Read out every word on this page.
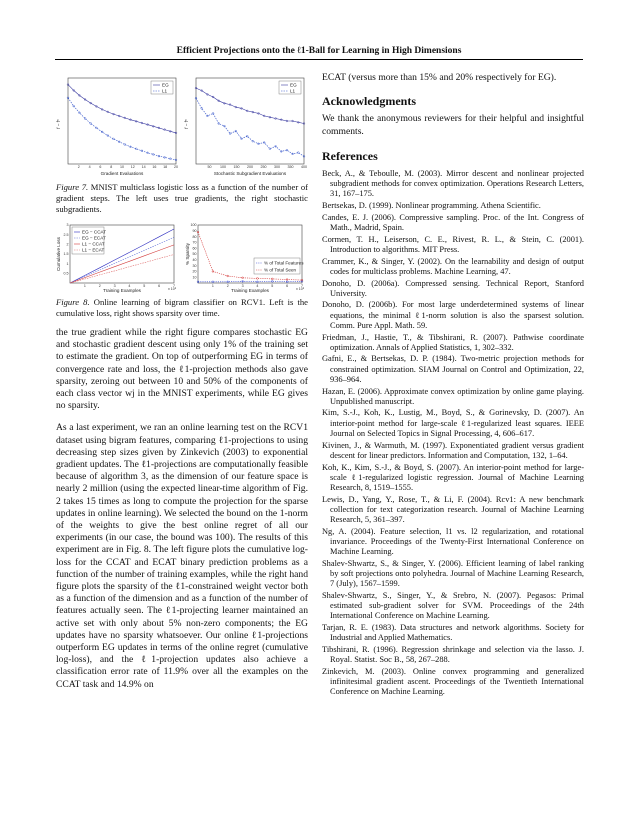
Efficient Projections onto the ℓ1-Ball for Learning in High Dimensions
f − f*
Gradient Evaluations
2 4 6 8 10 12 14 16 18 20
EG
L1
f − f*
Stochastic Subgradient Evaluations
50 100 150 200 250 300 350 400
EG
L1
Figure 7. MNIST multiclass logistic loss as a function of the number of gradient steps. The left uses true gradients, the right stochastic subgradients.
Cumulative Loss
Training Examples	x 10⁵
0.5
1
1.5
2
2.5
3
1	2	3	4	5	6	7
EG − CCAT
EG − ECAT
L1 − CCAT
L1 − ECAT	% Sparsity
Training Examples	x 10⁵
10
20
30
40
50
60
70
80
90
100
1	2	3	4	5	6	7
% of Total Features
% of Total Seen
Figure 8. Online learning of bigram classifier on RCV1. Left is the cumulative loss, right shows sparsity over time.

the true gradient while the right figure compares stochastic EG and stochastic gradient descent using only 1% of the training set to estimate the gradient. On top of outperforming EG in terms of convergence rate and loss, the ℓ1-projection methods also gave sparsity, zeroing out between 10 and 50% of the components of each class vector wj in the MNIST experiments, while EG gives no sparsity.

As a last experiment, we ran an online learning test on the RCV1 dataset using bigram features, comparing ℓ1-projections to using decreasing step sizes given by Zinkevich (2003) to exponential gradient updates. The ℓ1-projections are computationally feasible because of algorithm 3, as the dimension of our feature space is nearly 2 million (using the expected linear-time algorithm of Fig. 2 takes 15 times as long to compute the projection for the sparse updates in online learning). We selected the bound on the 1-norm of the weights to give the best online regret of all our experiments (in our case, the bound was 100). The results of this experiment are in Fig. 8. The left figure plots the cumulative log-loss for the CCAT and ECAT binary prediction problems as a function of the number of training examples, while the right hand figure plots the sparsity of the ℓ1-constrained weight vector both as a function of the dimension and as a function of the number of features actually seen. The ℓ1-projecting learner maintained an active set with only about 5% non-zero components; the EG updates have no sparsity whatsoever. Our online ℓ1-projections outperform EG updates in terms of the online regret (cumulative log-loss), and the ℓ1-projection updates also achieve a classification error rate of 11.9% over all the examples on the CCAT task and 14.9% on

ECAT (versus more than 15% and 20% respectively for EG).

Acknowledgments

We thank the anonymous reviewers for their helpful and insightful comments.

References
Beck, A., & Teboulle, M. (2003). Mirror descent and nonlinear projected subgradient methods for convex optimization. Operations Research Letters, 31, 167–175.
Bertsekas, D. (1999). Nonlinear programming. Athena Scientific.
Candes, E. J. (2006). Compressive sampling. Proc. of the Int. Congress of Math., Madrid, Spain.
Cormen, T. H., Leiserson, C. E., Rivest, R. L., & Stein, C. (2001). Introduction to algorithms. MIT Press.
Crammer, K., & Singer, Y. (2002). On the learnability and design of output codes for multiclass problems. Machine Learning, 47.
Donoho, D. (2006a). Compressed sensing. Technical Report, Stanford University.
Donoho, D. (2006b). For most large underdetermined systems of linear equations, the minimal ℓ1-norm solution is also the sparsest solution. Comm. Pure Appl. Math. 59.
Friedman, J., Hastie, T., & Tibshirani, R. (2007). Pathwise coordinate optimization. Annals of Applied Statistics, 1, 302–332.
Gafni, E., & Bertsekas, D. P. (1984). Two-metric projection methods for constrained optimization. SIAM Journal on Control and Optimization, 22, 936–964.
Hazan, E. (2006). Approximate convex optimization by online game playing. Unpublished manuscript.
Kim, S.-J., Koh, K., Lustig, M., Boyd, S., & Gorinevsky, D. (2007). An interior-point method for large-scale ℓ1-regularized least squares. IEEE Journal on Selected Topics in Signal Processing, 4, 606–617.
Kivinen, J., & Warmuth, M. (1997). Exponentiated gradient versus gradient descent for linear predictors. Information and Computation, 132, 1–64.
Koh, K., Kim, S.-J., & Boyd, S. (2007). An interior-point method for large-scale ℓ1-regularized logistic regression. Journal of Machine Learning Research, 8, 1519–1555.
Lewis, D., Yang, Y., Rose, T., & Li, F. (2004). Rcv1: A new benchmark collection for text categorization research. Journal of Machine Learning Research, 5, 361–397.
Ng, A. (2004). Feature selection, l1 vs. l2 regularization, and rotational invariance. Proceedings of the Twenty-First International Conference on Machine Learning.
Shalev-Shwartz, S., & Singer, Y. (2006). Efficient learning of label ranking by soft projections onto polyhedra. Journal of Machine Learning Research, 7 (July), 1567–1599.
Shalev-Shwartz, S., Singer, Y., & Srebro, N. (2007). Pegasos: Primal estimated sub-gradient solver for SVM. Proceedings of the 24th International Conference on Machine Learning.
Tarjan, R. E. (1983). Data structures and network algorithms. Society for Industrial and Applied Mathematics.
Tibshirani, R. (1996). Regression shrinkage and selection via the lasso. J. Royal. Statist. Soc B., 58, 267–288.
Zinkevich, M. (2003). Online convex programming and generalized infinitesimal gradient ascent. Proceedings of the Twentieth International Conference on Machine Learning.
